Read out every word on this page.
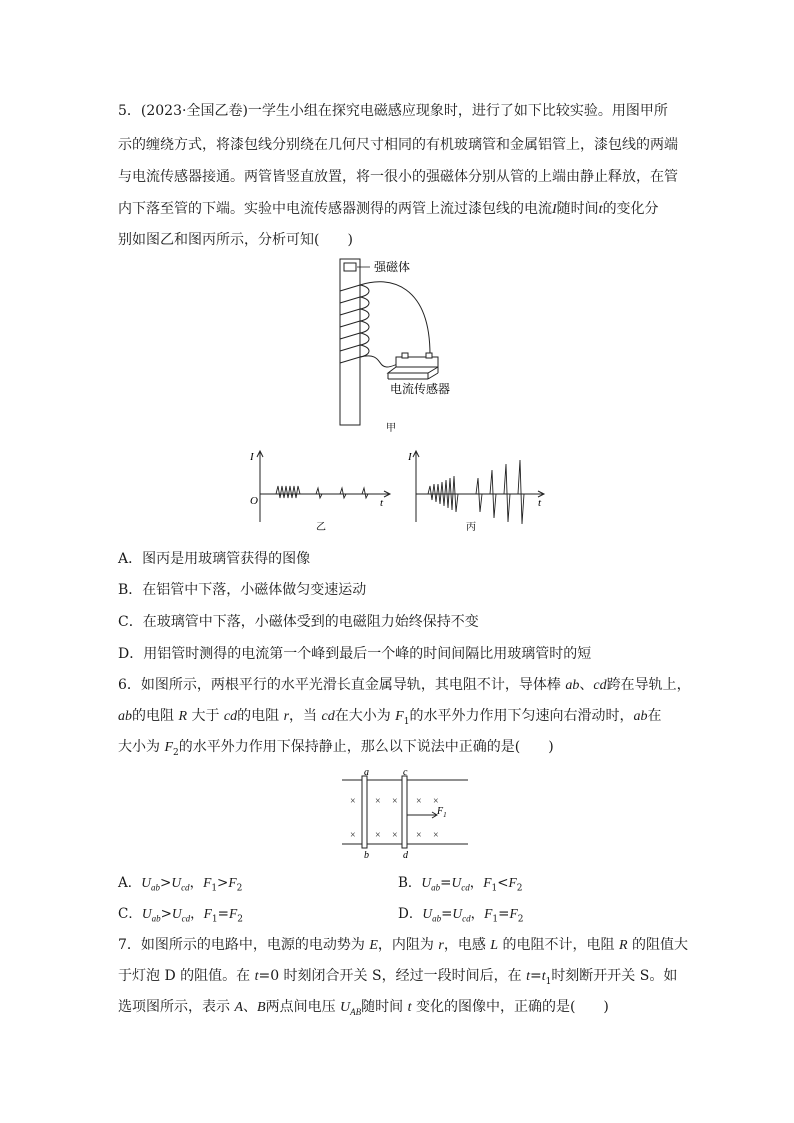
5．(2023·全国乙卷)一学生小组在探究电磁感应现象时，进行了如下比较实验。用图甲所
示的缠绕方式，将漆包线分别绕在几何尺寸相同的有机玻璃管和金属铝管上，漆包线的两端
与电流传感器接通。两管皆竖直放置，将一很小的强磁体分别从管的上端由静止释放，在管
内下落至管的下端。实验中电流传感器测得的两管上流过漆包线的电流I随时间t的变化分
别如图乙和图丙所示，分析可知(　　)
强磁体
电流传感器
甲
I
O	t
乙
I
t
丙
A．图丙是用玻璃管获得的图像
B．在铝管中下落，小磁体做匀变速运动
C．在玻璃管中下落，小磁体受到的电磁阻力始终保持不变
D．用铝管时测得的电流第一个峰到最后一个峰的时间间隔比用玻璃管时的短
6．如图所示，两根平行的水平光滑长直金属导轨，其电阻不计，导体棒 ab、cd跨在导轨上，
ab的电阻 R 大于 cd的电阻 r，当 cd在大小为 $F_1$的水平外力作用下匀速向右滑动时，ab在
大小为 $F_2$的水平外力作用下保持静止，那么以下说法中正确的是(　　)
a
b
c
d
× × × × ×
× × × × ×
$F_1$
A．$U_{ab}>U_{cd}$，$F_1>F_2$	B．$U_{ab}=U_{cd}$，$F_1<F_2$
C．$U_{ab}>U_{cd}$，$F_1=F_2$	D．$U_{ab}=U_{cd}$，$F_1=F_2$
7．如图所示的电路中，电源的电动势为 E，内阻为 r，电感 L 的电阻不计，电阻 R 的阻值大
于灯泡 D 的阻值。在 t=0 时刻闭合开关 S，经过一段时间后，在 $t=t_1$时刻断开开关 S。如
选项图所示，表示 A、B两点间电压 $U_{AB}$随时间 t 变化的图像中，正确的是(　　)
